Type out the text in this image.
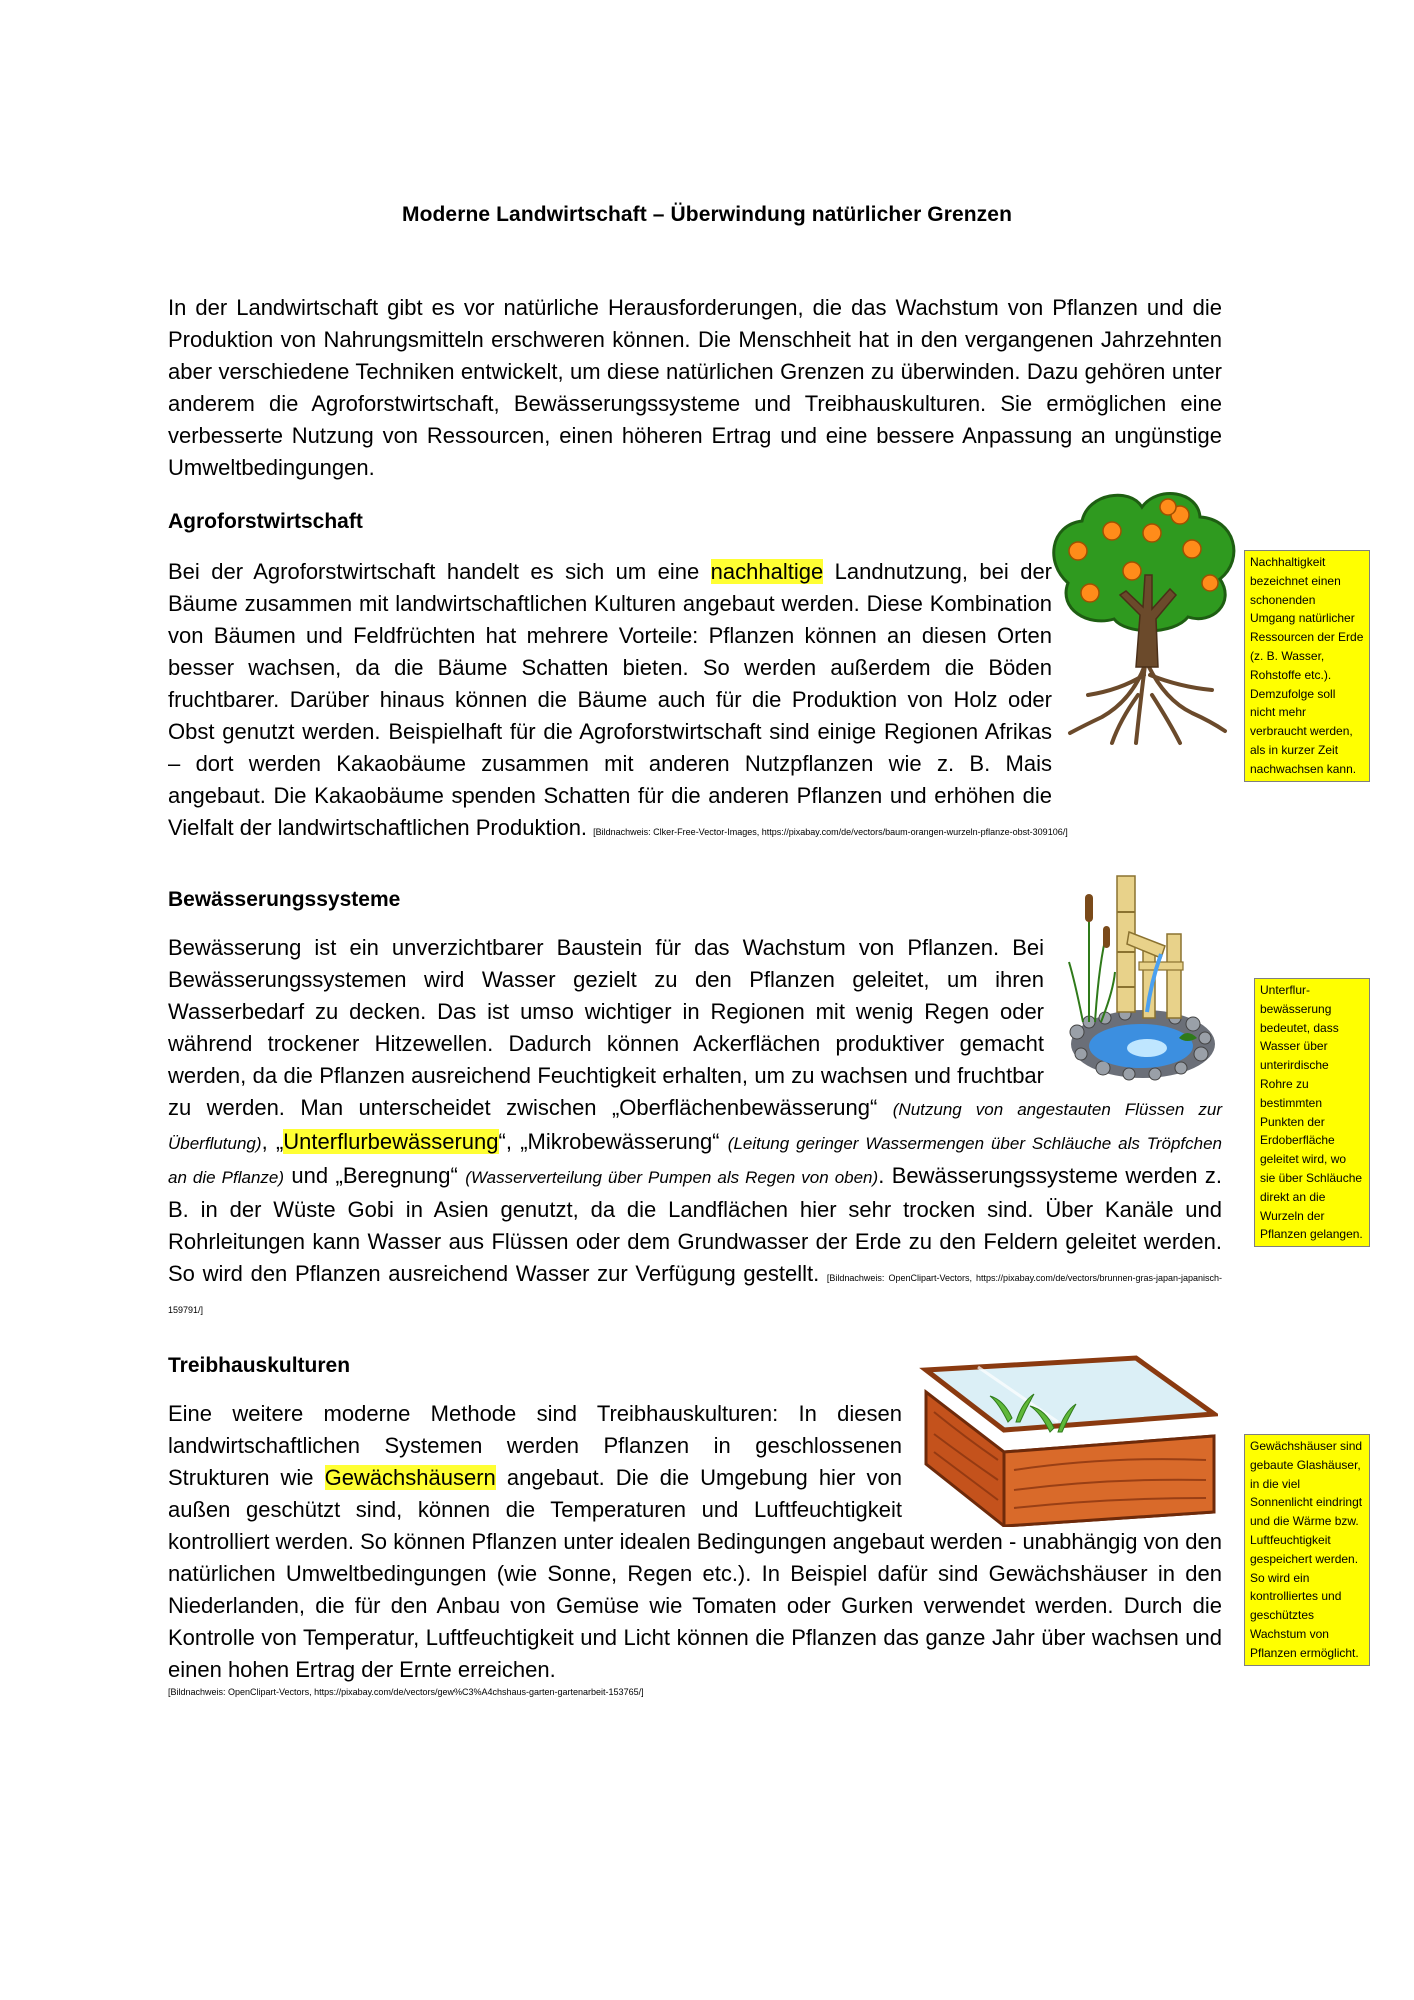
Moderne Landwirtschaft – Überwindung natürlicher Grenzen

In der Landwirtschaft gibt es vor natürliche Herausforderungen, die das Wachstum von Pflanzen und die Produktion von Nahrungsmitteln erschweren können. Die Menschheit hat in den vergangenen Jahrzehnten aber verschiedene Techniken entwickelt, um diese natürlichen Grenzen zu überwinden. Dazu gehören unter anderem die Agroforstwirtschaft, Bewässerungssysteme und Treibhauskulturen. Sie ermöglichen eine verbesserte Nutzung von Ressourcen, einen höheren Ertrag und eine bessere Anpassung an ungünstige Umweltbedingungen.

Agroforstwirtschaft
Nachhaltigkeit bezeichnet einen schonenden Umgang natürlicher Ressourcen der Erde (z. B. Wasser, Rohstoffe etc.). Demzufolge soll nicht mehr verbraucht werden, als in kurzer Zeit nachwachsen kann.
Bewässerungssysteme
Unterflur-bewässerung bedeutet, dass Wasser über unterirdische Rohre zu bestimmten Punkten der Erdoberfläche geleitet wird, wo sie über Schläuche direkt an die Wurzeln der Pflanzen gelangen.
Treibhauskulturen
Gewächshäuser sind gebaute Glashäuser, in die viel Sonnenlicht eindringt und die Wärme bzw. Luftfeuchtigkeit gespeichert werden. So wird ein kontrolliertes und geschütztes Wachstum von Pflanzen ermöglicht.

Bei der Agroforstwirtschaft handelt es sich um eine nachhaltige Landnutzung, bei der Bäume zusammen mit landwirtschaftlichen Kulturen angebaut werden. Diese Kombination von Bäumen und Feldfrüchten hat mehrere Vorteile: Pflanzen können an diesen Orten besser wachsen, da die Bäume Schatten bieten. So werden außerdem die Böden fruchtbarer. Darüber hinaus können die Bäume auch für die Produktion von Holz oder Obst genutzt werden. Beispielhaft für die Agroforstwirtschaft sind einige Regionen Afrikas – dort werden Kakaobäume zusammen mit anderen Nutzpflanzen wie z. B. Mais angebaut. Die Kakaobäume spenden Schatten für die anderen Pflanzen und erhöhen die Vielfalt der landwirtschaftlichen Produktion. [Bildnachweis: Clker-Free-Vector-Images, https://pixabay.com/de/vectors/baum-orangen-wurzeln-pflanze-obst-309106/]

Bewässerung ist ein unverzichtbarer Baustein für das Wachstum von Pflanzen. Bei Bewässerungssystemen wird Wasser gezielt zu den Pflanzen geleitet, um ihren Wasserbedarf zu decken. Das ist umso wichtiger in Regionen mit wenig Regen oder während trockener Hitzewellen. Dadurch können Ackerflächen produktiver gemacht werden, da die Pflanzen ausreichend Feuchtigkeit erhalten, um zu wachsen und fruchtbar zu werden. Man unterscheidet zwischen „Oberflächenbewässerung“ (Nutzung von angestauten Flüssen zur Überflutung), „Unterflurbewässerung“, „Mikrobewässerung“ (Leitung geringer Wassermengen über Schläuche als Tröpfchen an die Pflanze) und „Beregnung“ (Wasserverteilung über Pumpen als Regen von oben). Bewässerungssysteme werden z. B. in der Wüste Gobi in Asien genutzt, da die Landflächen hier sehr trocken sind. Über Kanäle und Rohrleitungen kann Wasser aus Flüssen oder dem Grundwasser der Erde zu den Feldern geleitet werden. So wird den Pflanzen ausreichend Wasser zur Verfügung gestellt. [Bildnachweis: OpenClipart-Vectors, https://pixabay.com/de/vectors/brunnen-gras-japan-japanisch-159791/]

Eine weitere moderne Methode sind Treibhauskulturen: In diesen landwirtschaftlichen Systemen werden Pflanzen in geschlossenen Strukturen wie Gewächshäusern angebaut. Die die Umgebung hier von außen geschützt sind, können die Temperaturen und Luftfeuchtigkeit kontrolliert werden. So können Pflanzen unter idealen Bedingungen angebaut werden - unabhängig von den natürlichen Umweltbedingungen (wie Sonne, Regen etc.). In Beispiel dafür sind Gewächshäuser in den Niederlanden, die für den Anbau von Gemüse wie Tomaten oder Gurken verwendet werden. Durch die Kontrolle von Temperatur, Luftfeuchtigkeit und Licht können die Pflanzen das ganze Jahr über wachsen und einen hohen Ertrag der Ernte erreichen.
[Bildnachweis: OpenClipart-Vectors, https://pixabay.com/de/vectors/gew%C3%A4chshaus-garten-gartenarbeit-153765/]
